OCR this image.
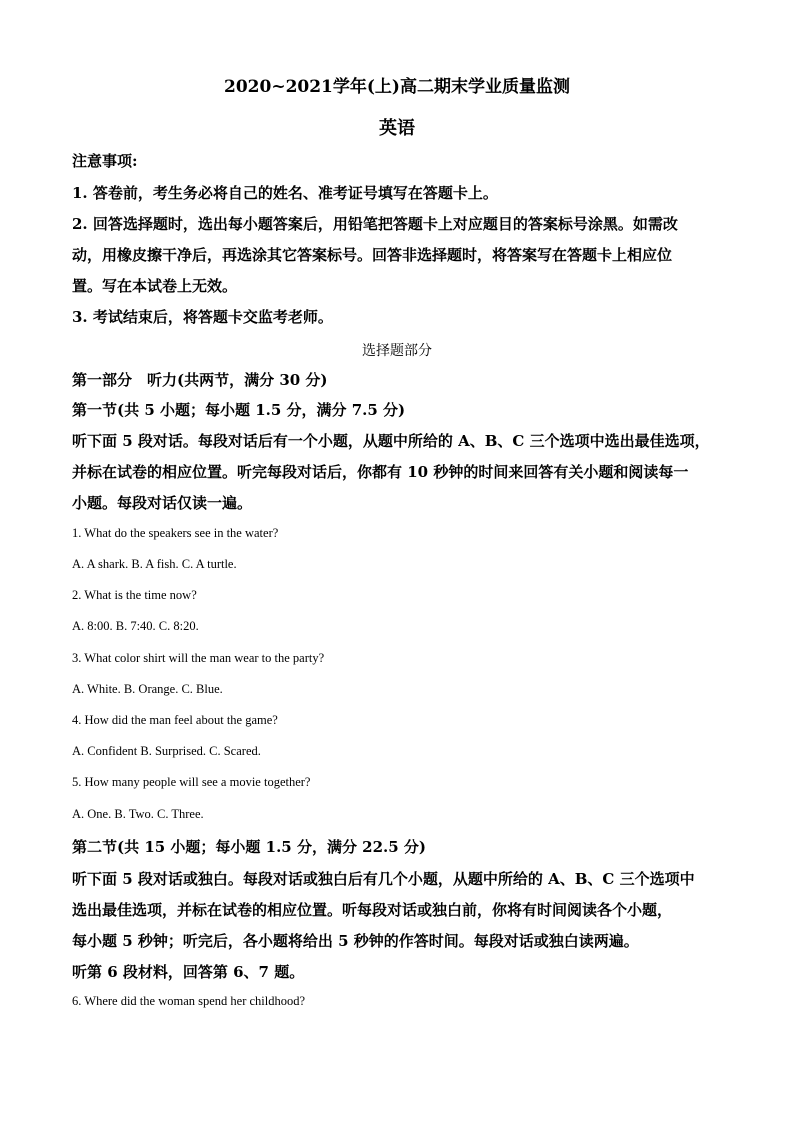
2020~2021学年(上)高二期末学业质量监测
英语
注意事项:
1. 答卷前，考生务必将自己的姓名、准考证号填写在答题卡上。
2. 回答选择题时，选出每小题答案后，用铅笔把答题卡上对应题目的答案标号涂黑。如需改
动，用橡皮擦干净后，再选涂其它答案标号。回答非选择题时，将答案写在答题卡上相应位
置。写在本试卷上无效。
3. 考试结束后，将答题卡交监考老师。
选择题部分
第一部分　听力(共两节，满分 30 分)
第一节(共 5 小题；每小题 1.5 分，满分 7.5 分)
听下面 5 段对话。每段对话后有一个小题，从题中所给的 A、B、C 三个选项中选出最佳选项，
并标在试卷的相应位置。听完每段对话后，你都有 10 秒钟的时间来回答有关小题和阅读每一
小题。每段对话仅读一遍。
1. What do the speakers see in the water?
A. A shark. B. A fish. C. A turtle.
2. What is the time now?
A. 8:00. B. 7:40. C. 8:20.
3. What color shirt will the man wear to the party?
A. White. B. Orange. C. Blue.
4. How did the man feel about the game?
A. Confident B. Surprised. C. Scared.
5. How many people will see a movie together?
A. One. B. Two. C. Three.
第二节(共 15 小题；每小题 1.5 分，满分 22.5 分)
听下面 5 段对话或独白。每段对话或独白后有几个小题，从题中所给的 A、B、C 三个选项中
选出最佳选项，并标在试卷的相应位置。听每段对话或独白前，你将有时间阅读各个小题，
每小题 5 秒钟；听完后，各小题将给出 5 秒钟的作答时间。每段对话或独白读两遍。
听第 6 段材料，回答第 6、7 题。
6. Where did the woman spend her childhood?
